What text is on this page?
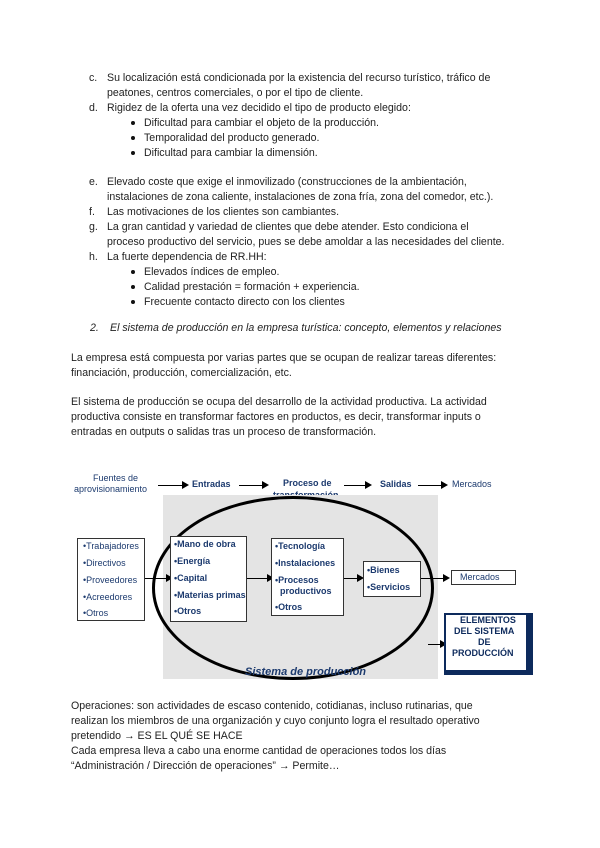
c. Su localización está condicionada por la existencia del recurso turístico, tráfico de
peatones, centros comerciales, o por el tipo de cliente.
d. Rigidez de la oferta una vez decidido el tipo de producto elegido:
Dificultad para cambiar el objeto de la producción.
Temporalidad del producto generado.
Dificultad para cambiar la dimensión.
e. Elevado coste que exige el inmovilizado (construcciones de la ambientación,
instalaciones de zona caliente, instalaciones de zona fría, zona del comedor, etc.).
f. Las motivaciones de los clientes son cambiantes.
g. La gran cantidad y variedad de clientes que debe atender. Esto condiciona el
proceso productivo del servicio, pues se debe amoldar a las necesidades del cliente.
h. La fuerte dependencia de RR.HH:
Elevados índices de empleo.
Calidad prestación = formación + experiencia.
Frecuente contacto directo con los clientes
2. El sistema de producción en la empresa turística: concepto, elementos y relaciones
La empresa está compuesta por varias partes que se ocupan de realizar tareas diferentes:
financiación, producción, comercialización, etc.
El sistema de producción se ocupa del desarrollo de la actividad productiva. La actividad
productiva consiste en transformar factores en productos, es decir, transformar inputs o
entradas en outputs o salidas tras un proceso de transformación.
Fuentes de
aprovisionamiento	Entradas	Proceso de	Salidas	Mercados
•Trabajadores
•Directivos
•Proveedores
•Acreedores
•Otros
•Mano de obra
•Energía
•Capital
•Materias primas
•Otros
•Tecnología
•Instalaciones
•Procesos
productivos
•Otros
•Bienes
•Servicios
Mercados
ELEMENTOS
DEL SISTEMA
DE
PRODUCCIÓN
Sistema de producción
Operaciones: son actividades de escaso contenido, cotidianas, incluso rutinarias, que
realizan los miembros de una organización y cuyo conjunto logra el resultado operativo
pretendido → ES EL QUÉ SE HACE
Cada empresa lleva a cabo una enorme cantidad de operaciones todos los días
“Administración / Dirección de operaciones” → Permite…
